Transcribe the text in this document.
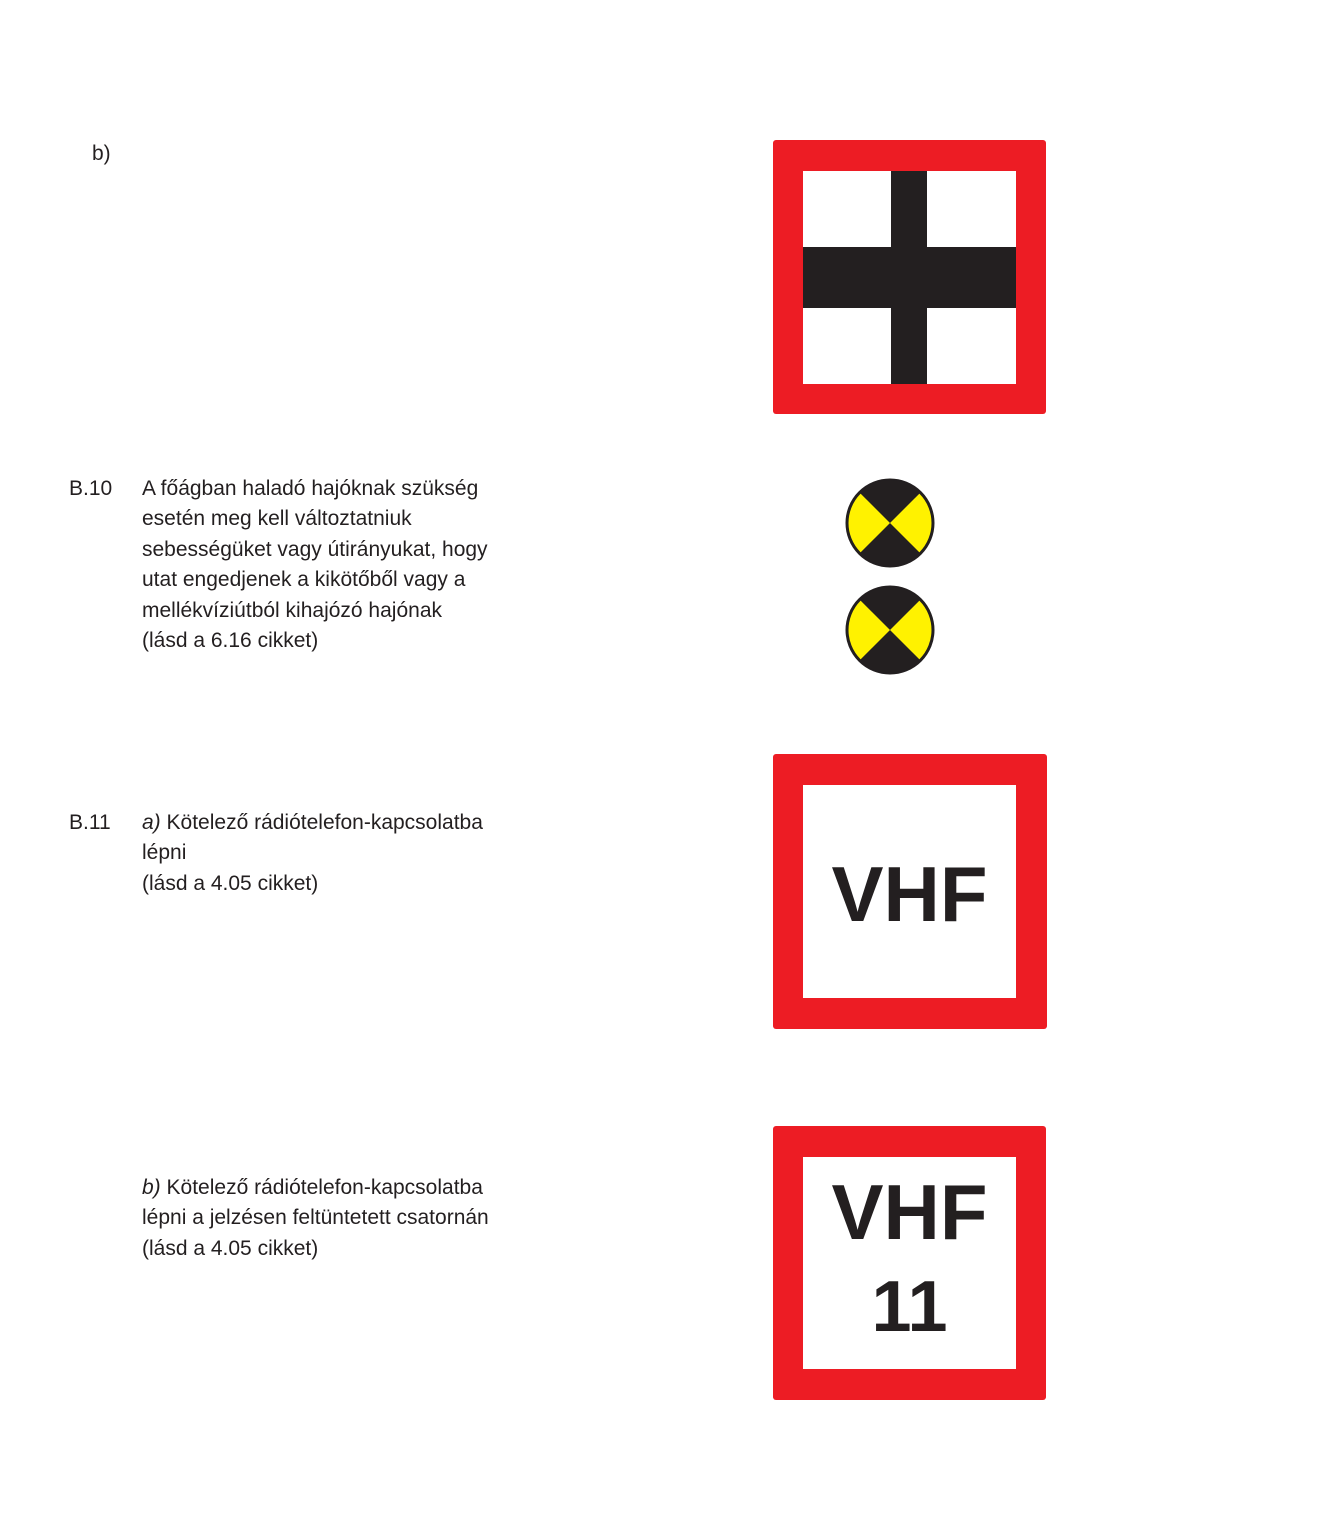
b)
B.10 A főágban haladó hajóknak szükség
esetén meg kell változtatniuk
sebességüket vagy útirányukat, hogy
utat engedjenek a kikötőből vagy a
mellékvíziútból kihajózó hajónak
(lásd a 6.16 cikket)
B.11 a) Kötelező rádiótelefon-kapcsolatba
lépni
(lásd a 4.05 cikket)	VHF
b) Kötelező rádiótelefon-kapcsolatba
lépni a jelzésen feltüntetett csatornán
(lásd a 4.05 cikket)	VHF
11
